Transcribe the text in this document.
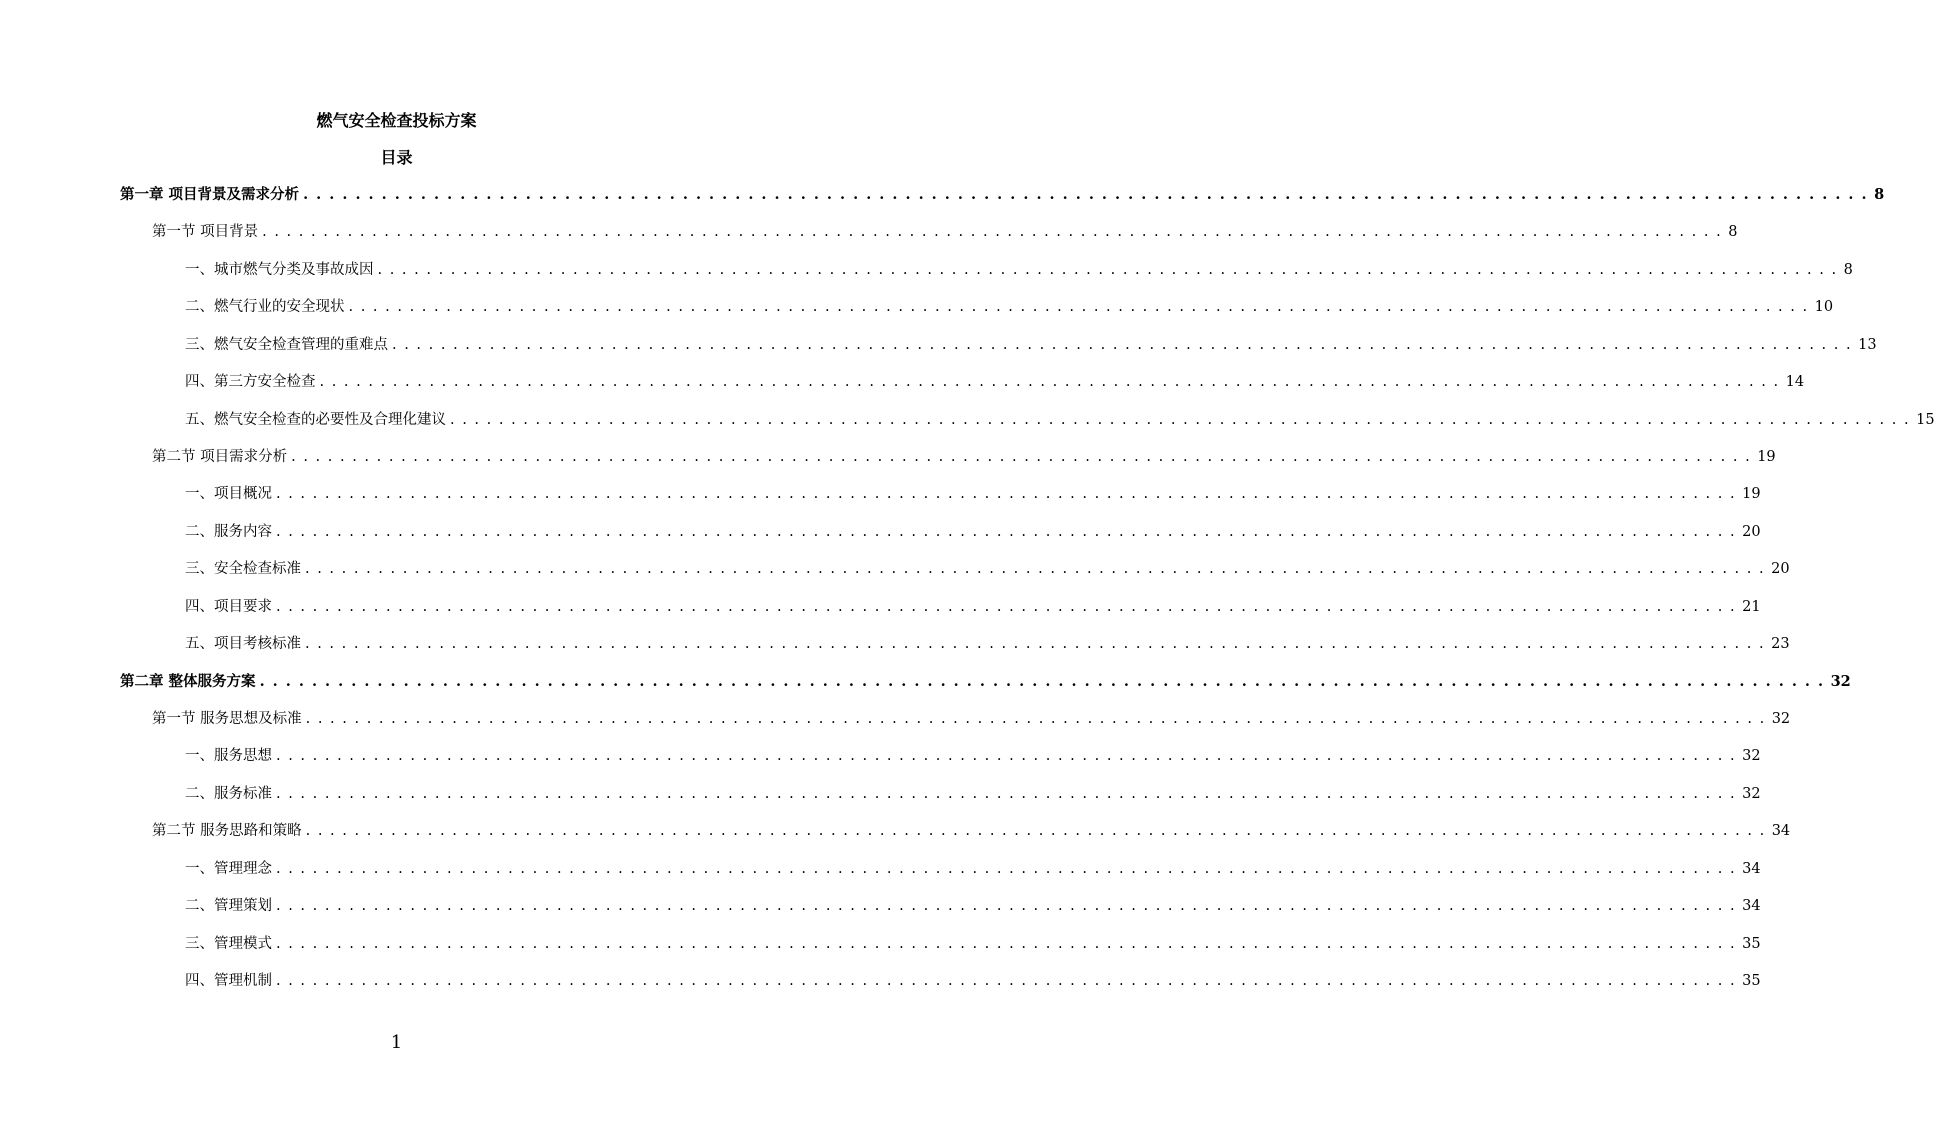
燃气安全检查投标方案
目录
第一章 项目背景及需求分析 . . . . . . . . . . . . . . . . . . . . . . . . . . . . . . . . . . . . . . . . . . . . . . . . . . . . . . . . . . . . . . . . . . . . . . . . . . . . . . . . . . . . . . . . . . . . . . . . . . . . . . . . . . . . . . . . . . . . . . . . 8
第一节 项目背景 . . . . . . . . . . . . . . . . . . . . . . . . . . . . . . . . . . . . . . . . . . . . . . . . . . . . . . . . . . . . . . . . . . . . . . . . . . . . . . . . . . . . . . . . . . . . . . . . . . . . . . . . . . . . . . . . . . . . . . . . 8
一、城市燃气分类及事故成因 . . . . . . . . . . . . . . . . . . . . . . . . . . . . . . . . . . . . . . . . . . . . . . . . . . . . . . . . . . . . . . . . . . . . . . . . . . . . . . . . . . . . . . . . . . . . . . . . . . . . . . . . . . . . . . . . . . . . . . . . 8
二、燃气行业的安全现状 . . . . . . . . . . . . . . . . . . . . . . . . . . . . . . . . . . . . . . . . . . . . . . . . . . . . . . . . . . . . . . . . . . . . . . . . . . . . . . . . . . . . . . . . . . . . . . . . . . . . . . . . . . . . . . . . . . . . . . . . 10
三、燃气安全检查管理的重难点 . . . . . . . . . . . . . . . . . . . . . . . . . . . . . . . . . . . . . . . . . . . . . . . . . . . . . . . . . . . . . . . . . . . . . . . . . . . . . . . . . . . . . . . . . . . . . . . . . . . . . . . . . . . . . . . . . . . . . . . . 13
四、第三方安全检查 . . . . . . . . . . . . . . . . . . . . . . . . . . . . . . . . . . . . . . . . . . . . . . . . . . . . . . . . . . . . . . . . . . . . . . . . . . . . . . . . . . . . . . . . . . . . . . . . . . . . . . . . . . . . . . . . . . . . . . . . 14
五、燃气安全检查的必要性及合理化建议 . . . . . . . . . . . . . . . . . . . . . . . . . . . . . . . . . . . . . . . . . . . . . . . . . . . . . . . . . . . . . . . . . . . . . . . . . . . . . . . . . . . . . . . . . . . . . . . . . . . . . . . . . . . . . . . . . . . . . . . . 15
第二节 项目需求分析 . . . . . . . . . . . . . . . . . . . . . . . . . . . . . . . . . . . . . . . . . . . . . . . . . . . . . . . . . . . . . . . . . . . . . . . . . . . . . . . . . . . . . . . . . . . . . . . . . . . . . . . . . . . . . . . . . . . . . . . . 19
一、项目概况 . . . . . . . . . . . . . . . . . . . . . . . . . . . . . . . . . . . . . . . . . . . . . . . . . . . . . . . . . . . . . . . . . . . . . . . . . . . . . . . . . . . . . . . . . . . . . . . . . . . . . . . . . . . . . . . . . . . . . . . . 19
二、服务内容 . . . . . . . . . . . . . . . . . . . . . . . . . . . . . . . . . . . . . . . . . . . . . . . . . . . . . . . . . . . . . . . . . . . . . . . . . . . . . . . . . . . . . . . . . . . . . . . . . . . . . . . . . . . . . . . . . . . . . . . . 20
三、安全检查标准 . . . . . . . . . . . . . . . . . . . . . . . . . . . . . . . . . . . . . . . . . . . . . . . . . . . . . . . . . . . . . . . . . . . . . . . . . . . . . . . . . . . . . . . . . . . . . . . . . . . . . . . . . . . . . . . . . . . . . . . . 20
四、项目要求 . . . . . . . . . . . . . . . . . . . . . . . . . . . . . . . . . . . . . . . . . . . . . . . . . . . . . . . . . . . . . . . . . . . . . . . . . . . . . . . . . . . . . . . . . . . . . . . . . . . . . . . . . . . . . . . . . . . . . . . . 21
五、项目考核标准 . . . . . . . . . . . . . . . . . . . . . . . . . . . . . . . . . . . . . . . . . . . . . . . . . . . . . . . . . . . . . . . . . . . . . . . . . . . . . . . . . . . . . . . . . . . . . . . . . . . . . . . . . . . . . . . . . . . . . . . . 23
第二章 整体服务方案 . . . . . . . . . . . . . . . . . . . . . . . . . . . . . . . . . . . . . . . . . . . . . . . . . . . . . . . . . . . . . . . . . . . . . . . . . . . . . . . . . . . . . . . . . . . . . . . . . . . . . . . . . . . . . . . . . . . . . . . . 32
第一节 服务思想及标准 . . . . . . . . . . . . . . . . . . . . . . . . . . . . . . . . . . . . . . . . . . . . . . . . . . . . . . . . . . . . . . . . . . . . . . . . . . . . . . . . . . . . . . . . . . . . . . . . . . . . . . . . . . . . . . . . . . . . . . . . 32
一、服务思想 . . . . . . . . . . . . . . . . . . . . . . . . . . . . . . . . . . . . . . . . . . . . . . . . . . . . . . . . . . . . . . . . . . . . . . . . . . . . . . . . . . . . . . . . . . . . . . . . . . . . . . . . . . . . . . . . . . . . . . . . 32
二、服务标准 . . . . . . . . . . . . . . . . . . . . . . . . . . . . . . . . . . . . . . . . . . . . . . . . . . . . . . . . . . . . . . . . . . . . . . . . . . . . . . . . . . . . . . . . . . . . . . . . . . . . . . . . . . . . . . . . . . . . . . . . 32
第二节 服务思路和策略 . . . . . . . . . . . . . . . . . . . . . . . . . . . . . . . . . . . . . . . . . . . . . . . . . . . . . . . . . . . . . . . . . . . . . . . . . . . . . . . . . . . . . . . . . . . . . . . . . . . . . . . . . . . . . . . . . . . . . . . . 34
一、管理理念 . . . . . . . . . . . . . . . . . . . . . . . . . . . . . . . . . . . . . . . . . . . . . . . . . . . . . . . . . . . . . . . . . . . . . . . . . . . . . . . . . . . . . . . . . . . . . . . . . . . . . . . . . . . . . . . . . . . . . . . . 34
二、管理策划 . . . . . . . . . . . . . . . . . . . . . . . . . . . . . . . . . . . . . . . . . . . . . . . . . . . . . . . . . . . . . . . . . . . . . . . . . . . . . . . . . . . . . . . . . . . . . . . . . . . . . . . . . . . . . . . . . . . . . . . . 34
三、管理模式 . . . . . . . . . . . . . . . . . . . . . . . . . . . . . . . . . . . . . . . . . . . . . . . . . . . . . . . . . . . . . . . . . . . . . . . . . . . . . . . . . . . . . . . . . . . . . . . . . . . . . . . . . . . . . . . . . . . . . . . . 35
四、管理机制 . . . . . . . . . . . . . . . . . . . . . . . . . . . . . . . . . . . . . . . . . . . . . . . . . . . . . . . . . . . . . . . . . . . . . . . . . . . . . . . . . . . . . . . . . . . . . . . . . . . . . . . . . . . . . . . . . . . . . . . . 35
1
